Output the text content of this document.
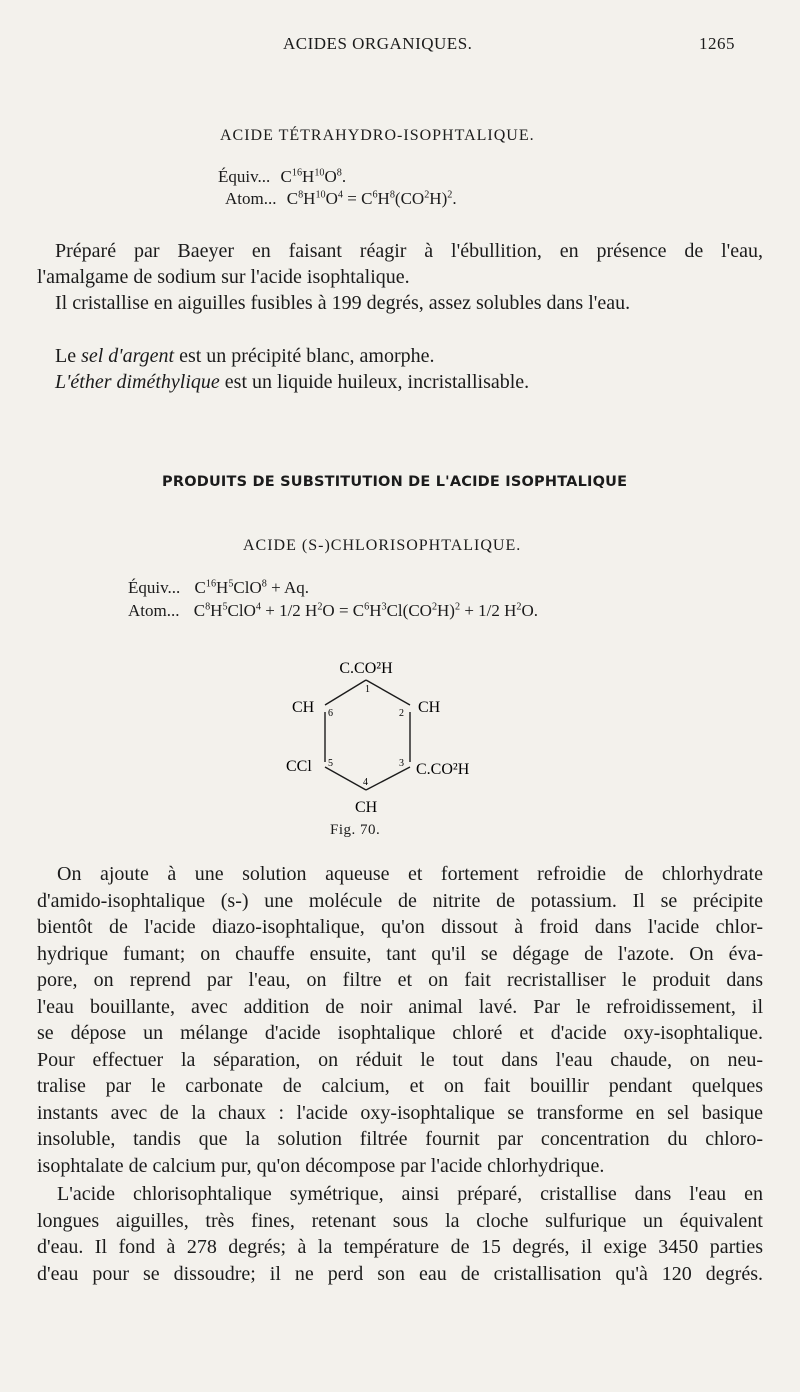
ACIDES ORGANIQUES.	1265
ACIDE TÉTRAHYDRO-ISOPHTALIQUE.
Équiv... $C^{16}H^{10}O^8$.
Atom... $C^8H^{10}O^4 = C^6H^8(CO^2H)^2$.
Préparé par Baeyer en faisant réagir à l'ébullition, en présence de l'eau,
l'amalgame de sodium sur l'acide isophtalique.
Il cristallise en aiguilles fusibles à 199 degrés, assez solubles dans l'eau.
Le sel d'argent est un précipité blanc, amorphe.
L'éther diméthylique est un liquide huileux, incristallisable.
PRODUITS DE SUBSTITUTION DE L'ACIDE ISOPHTALIQUE
ACIDE (S-)CHLORISOPHTALIQUE.
Équiv... $C^{16}H^5ClO^8 + Aq$.
Atom... $C^8H^5ClO^4 + 1/2$ $H^2O = C^6H^3Cl(CO^2H)^2 + 1/2$ $H^2O$.
C.CO²H
CH	CH
CCl	C.CO²H
CH
1
2
3
4
5
6
Fig. 70.
On ajoute à une solution aqueuse et fortement refroidie de chlorhydrate
d'amido-isophtalique (s-) une molécule de nitrite de potassium. Il se précipite
bientôt de l'acide diazo-isophtalique, qu'on dissout à froid dans l'acide chlor-
hydrique fumant; on chauffe ensuite, tant qu'il se dégage de l'azote. On éva-
pore, on reprend par l'eau, on filtre et on fait recristalliser le produit dans
l'eau bouillante, avec addition de noir animal lavé. Par le refroidissement, il
se dépose un mélange d'acide isophtalique chloré et d'acide oxy-isophtalique.
Pour effectuer la séparation, on réduit le tout dans l'eau chaude, on neu-
tralise par le carbonate de calcium, et on fait bouillir pendant quelques
instants avec de la chaux : l'acide oxy-isophtalique se transforme en sel basique
insoluble, tandis que la solution filtrée fournit par concentration du chloro-
isophtalate de calcium pur, qu'on décompose par l'acide chlorhydrique.
L'acide chlorisophtalique symétrique, ainsi préparé, cristallise dans l'eau en
longues aiguilles, très fines, retenant sous la cloche sulfurique un équivalent
d'eau. Il fond à 278 degrés; à la température de 15 degrés, il exige 3450 parties
d'eau pour se dissoudre; il ne perd son eau de cristallisation qu'à 120 degrés.
